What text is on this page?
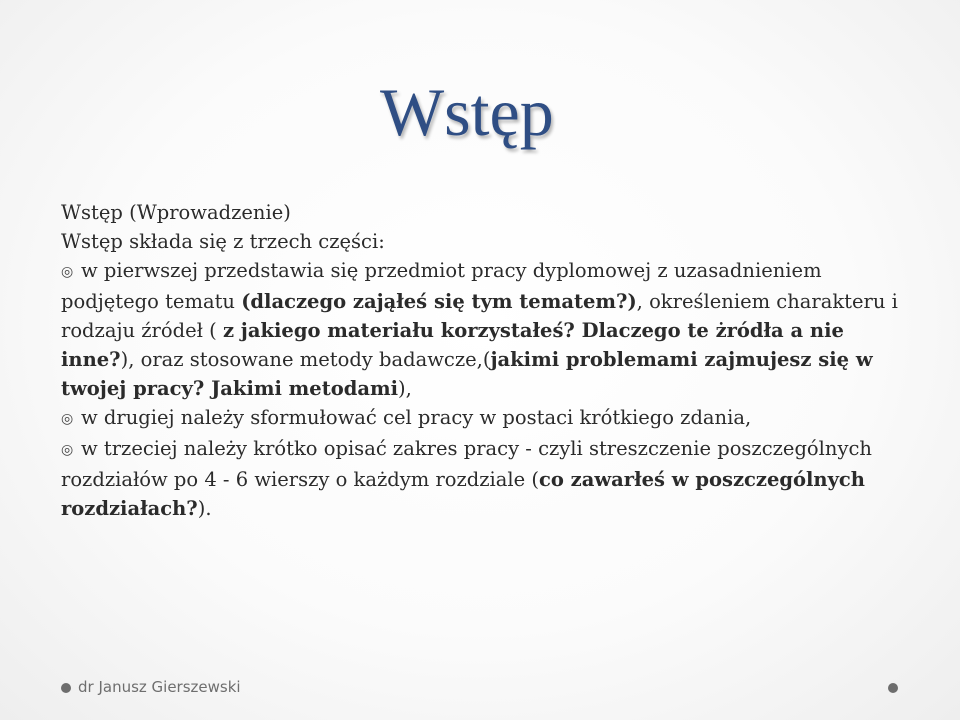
Wstęp

Wstęp (Wprowadzenie)

Wstęp składa się z trzech części:

◎ w pierwszej przedstawia się przedmiot pracy dyplomowej z uzasadnieniem podjętego tematu (dlaczego zająłeś się tym tematem?), określeniem charakteru i rodzaju źródeł ( z jakiego materiału korzystałeś? Dlaczego te żródła a nie inne?), oraz stosowane metody badawcze,(jakimi problemami zajmujesz się w twojej pracy? Jakimi metodami),

◎ w drugiej należy sformułować cel pracy w postaci krótkiego zdania,

◎ w trzeciej należy krótko opisać zakres pracy - czyli streszczenie poszczególnych rozdziałów po 4 - 6 wierszy o każdym rozdziale (co zawarłeś w poszczególnych rozdziałach?).

dr Janusz Gierszewski
